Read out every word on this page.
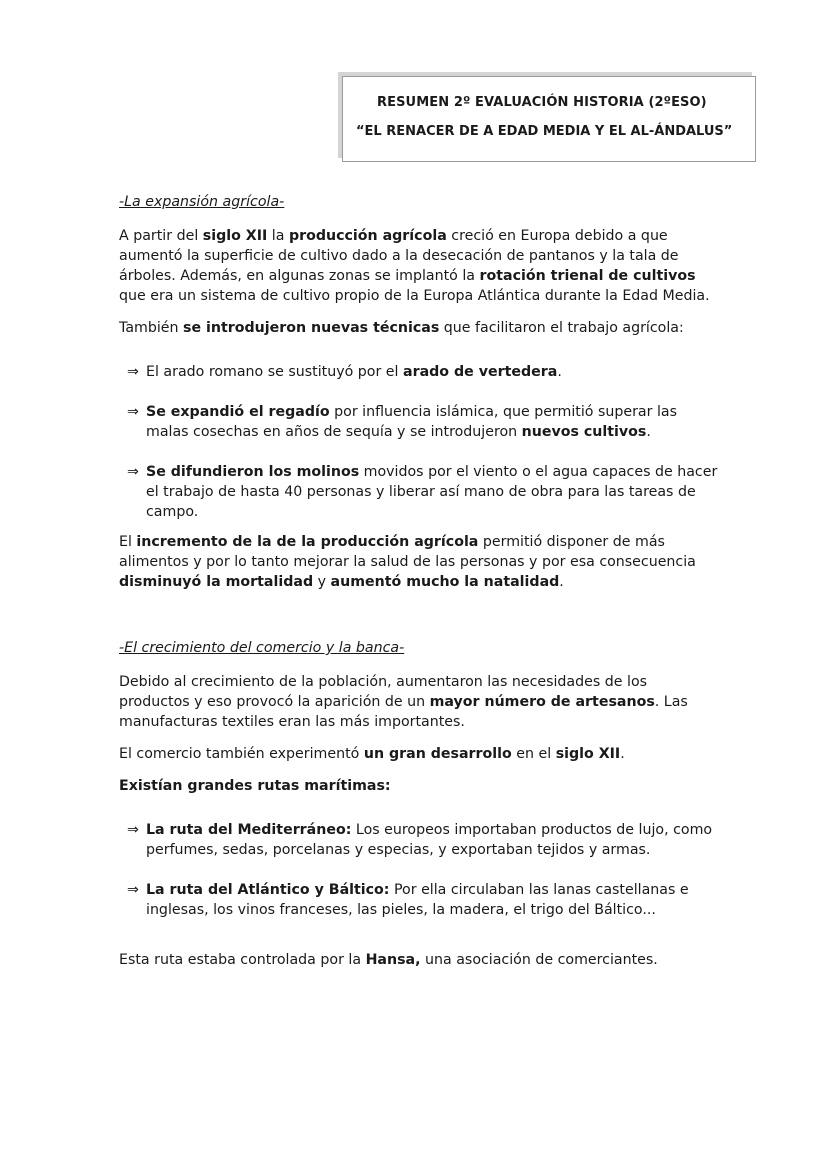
RESUMEN 2º EVALUACIÓN HISTORIA (2ºESO)
“EL RENACER DE A EDAD MEDIA Y EL AL-ÁNDALUS”

-La expansión agrícola-

A partir del siglo XII la producción agrícola creció en Europa debido a que aumentó la superficie de cultivo dado a la desecación de pantanos y la tala de árboles. Además, en algunas zonas se implantó la rotación trienal de cultivos que era un sistema de cultivo propio de la Europa Atlántica durante la Edad Media.

También se introdujeron nuevas técnicas que facilitaron el trabajo agrícola:

⇒ El arado romano se sustituyó por el arado de vertedera.
⇒ Se expandió el regadío por influencia islámica, que permitió superar las malas cosechas en años de sequía y se introdujeron nuevos cultivos.
⇒ Se difundieron los molinos movidos por el viento o el agua capaces de hacer el trabajo de hasta 40 personas y liberar así mano de obra para las tareas de campo.

El incremento de la de la producción agrícola permitió disponer de más alimentos y por lo tanto mejorar la salud de las personas y por esa consecuencia disminuyó la mortalidad y aumentó mucho la natalidad.

-El crecimiento del comercio y la banca-

Debido al crecimiento de la población, aumentaron las necesidades de los productos y eso provocó la aparición de un mayor número de artesanos. Las manufacturas textiles eran las más importantes.

El comercio también experimentó un gran desarrollo en el siglo XII.

Existían grandes rutas marítimas:

⇒ La ruta del Mediterráneo: Los europeos importaban productos de lujo, como perfumes, sedas, porcelanas y especias, y exportaban tejidos y armas.
⇒ La ruta del Atlántico y Báltico: Por ella circulaban las lanas castellanas e inglesas, los vinos franceses, las pieles, la madera, el trigo del Báltico...

Esta ruta estaba controlada por la Hansa, una asociación de comerciantes.
